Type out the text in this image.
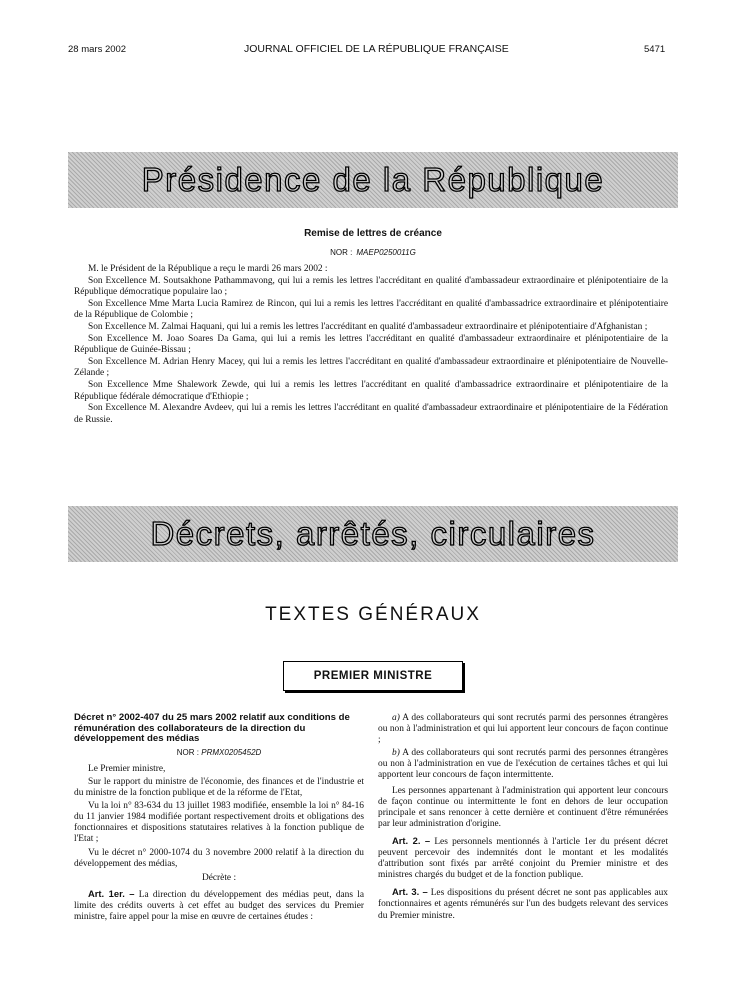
28 mars 2002	JOURNAL OFFICIEL DE LA RÉPUBLIQUE FRANÇAISE	5471
Présidence de la République
Remise de lettres de créance
NOR : MAEP0250011G

M. le Président de la République a reçu le mardi 26 mars 2002 :

Son Excellence M. Soutsakhone Pathammavong, qui lui a remis les lettres l'accréditant en qualité d'ambassadeur extraordinaire et plénipotentiaire de la République démocratique populaire lao ;

Son Excellence Mme Marta Lucia Ramirez de Rincon, qui lui a remis les lettres l'accréditant en qualité d'ambassadrice extraordinaire et plénipotentiaire de la République de Colombie ;

Son Excellence M. Zalmai Haquani, qui lui a remis les lettres l'accréditant en qualité d'ambassadeur extraordinaire et plénipotentiaire d'Afghanistan ;

Son Excellence M. Joao Soares Da Gama, qui lui a remis les lettres l'accréditant en qualité d'ambassadeur extraordinaire et plénipotentiaire de la République de Guinée-Bissau ;

Son Excellence M. Adrian Henry Macey, qui lui a remis les lettres l'accréditant en qualité d'ambassadeur extraordinaire et plénipotentiaire de Nouvelle-Zélande ;

Son Excellence Mme Shalework Zewde, qui lui a remis les lettres l'accréditant en qualité d'ambassadrice extraordinaire et plénipotentiaire de la République fédérale démocratique d'Ethiopie ;

Son Excellence M. Alexandre Avdeev, qui lui a remis les lettres l'accréditant en qualité d'ambassadeur extraordinaire et plénipotentiaire de la Fédération de Russie.

Décrets, arrêtés, circulaires
TEXTES GÉNÉRAUX
PREMIER MINISTRE

Décret n° 2002-407 du 25 mars 2002 relatif aux conditions de rémunération des collaborateurs de la direction du développement des médias

NOR : PRMX0205452D

Le Premier ministre,

Sur le rapport du ministre de l'économie, des finances et de l'industrie et du ministre de la fonction publique et de la réforme de l'Etat,

Vu la loi n° 83-634 du 13 juillet 1983 modifiée, ensemble la loi n° 84-16 du 11 janvier 1984 modifiée portant respectivement droits et obligations des fonctionnaires et dispositions statutaires relatives à la fonction publique de l'Etat ;

Vu le décret n° 2000-1074 du 3 novembre 2000 relatif à la direction du développement des médias,

Décrète :

Art. 1er. – La direction du développement des médias peut, dans la limite des crédits ouverts à cet effet au budget des services du Premier ministre, faire appel pour la mise en œuvre de certaines études :

a) A des collaborateurs qui sont recrutés parmi des personnes étrangères ou non à l'administration et qui lui apportent leur concours de façon continue ;

b) A des collaborateurs qui sont recrutés parmi des personnes étrangères ou non à l'administration en vue de l'exécution de certaines tâches et qui lui apportent leur concours de façon intermittente.

Les personnes appartenant à l'administration qui apportent leur concours de façon continue ou intermittente le font en dehors de leur occupation principale et sans renoncer à cette dernière et continuent d'être rémunérées par leur administration d'origine.

Art. 2. – Les personnels mentionnés à l'article 1er du présent décret peuvent percevoir des indemnités dont le montant et les modalités d'attribution sont fixés par arrêté conjoint du Premier ministre et des ministres chargés du budget et de la fonction publique.

Art. 3. – Les dispositions du présent décret ne sont pas applicables aux fonctionnaires et agents rémunérés sur l'un des budgets relevant des services du Premier ministre.
